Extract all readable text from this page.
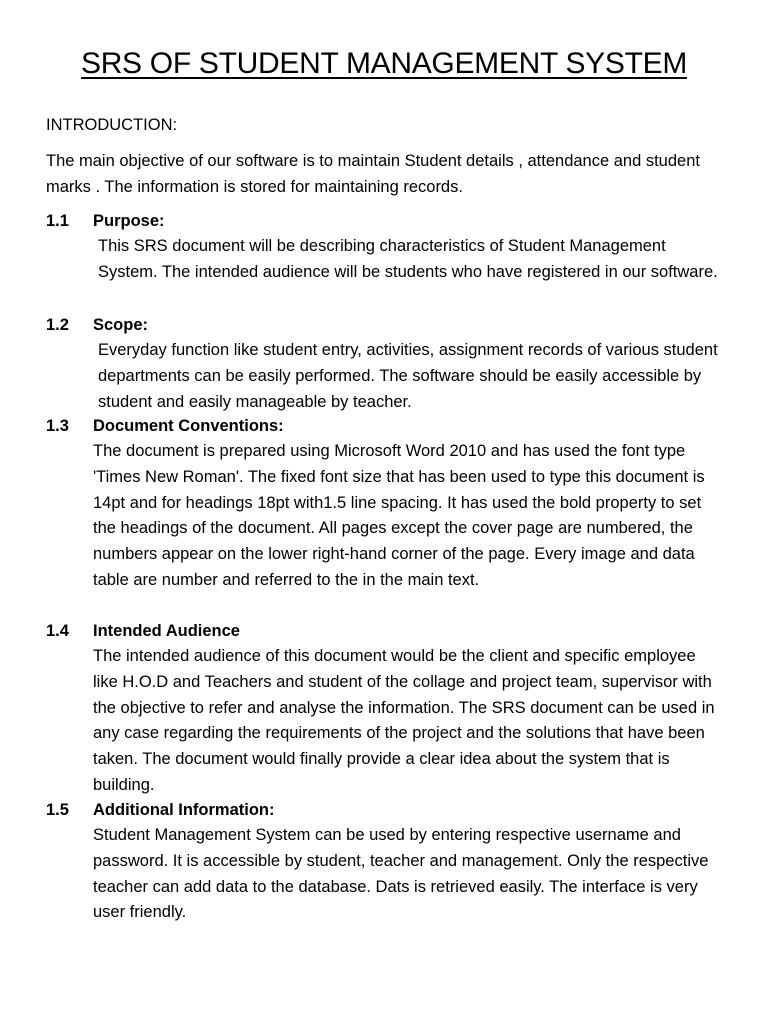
SRS OF STUDENT MANAGEMENT SYSTEM
INTRODUCTION:
The main objective of our software is to maintain Student details , attendance and student marks . The information is stored for maintaining records.
1.1 Purpose:
This SRS document will be describing characteristics of Student Management System. The intended audience will be students who have registered in our software.
1.2 Scope:
Everyday function like student entry, activities, assignment records of various student departments can be easily performed. The software should be easily accessible by student and easily manageable by teacher.
1.3 Document Conventions:
The document is prepared using Microsoft Word 2010 and has used the font type 'Times New Roman'. The fixed font size that has been used to type this document is 14pt and for headings 18pt with1.5 line spacing. It has used the bold property to set the headings of the document. All pages except the cover page are numbered, the numbers appear on the lower right-hand corner of the page. Every image and data table are number and referred to the in the main text.
1.4 Intended Audience
The intended audience of this document would be the client and specific employee like H.O.D and Teachers and student of the collage and project team, supervisor with the objective to refer and analyse the information. The SRS document can be used in any case regarding the requirements of the project and the solutions that have been taken. The document would finally provide a clear idea about the system that is building.
1.5 Additional Information:
Student Management System can be used by entering respective username and password. It is accessible by student, teacher and management. Only the respective teacher can add data to the database. Dats is retrieved easily. The interface is very user friendly.
